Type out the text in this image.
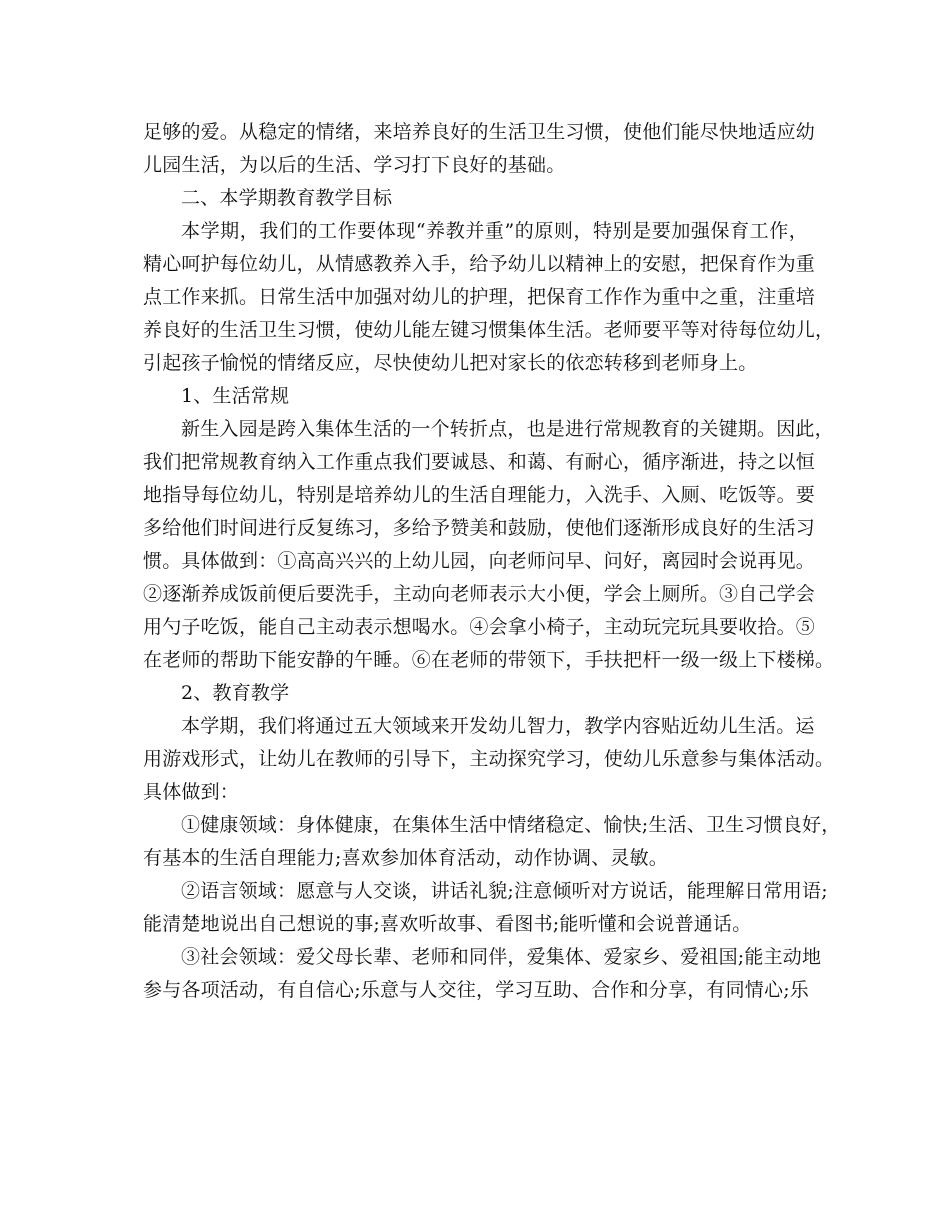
足够的爱。从稳定的情绪，来培养良好的生活卫生习惯，使他们能尽快地适应幼
儿园生活，为以后的生活、学习打下良好的基础。
二、本学期教育教学目标
本学期，我们的工作要体现“养教并重”的原则，特别是要加强保育工作，
精心呵护每位幼儿，从情感教养入手，给予幼儿以精神上的安慰，把保育作为重
点工作来抓。日常生活中加强对幼儿的护理，把保育工作作为重中之重，注重培
养良好的生活卫生习惯，使幼儿能左键习惯集体生活。老师要平等对待每位幼儿，
引起孩子愉悦的情绪反应，尽快使幼儿把对家长的依恋转移到老师身上。
1、生活常规
新生入园是跨入集体生活的一个转折点，也是进行常规教育的关键期。因此，
我们把常规教育纳入工作重点我们要诚恳、和蔼、有耐心，循序渐进，持之以恒
地指导每位幼儿，特别是培养幼儿的生活自理能力，入洗手、入厕、吃饭等。要
多给他们时间进行反复练习，多给予赞美和鼓励，使他们逐渐形成良好的生活习
惯。具体做到：①高高兴兴的上幼儿园，向老师问早、问好，离园时会说再见。
②逐渐养成饭前便后要洗手，主动向老师表示大小便，学会上厕所。③自己学会
用勺子吃饭，能自己主动表示想喝水。④会拿小椅子，主动玩完玩具要收拾。⑤
在老师的帮助下能安静的午睡。⑥在老师的带领下，手扶把杆一级一级上下楼梯。
2、教育教学
本学期，我们将通过五大领域来开发幼儿智力，教学内容贴近幼儿生活。运
用游戏形式，让幼儿在教师的引导下，主动探究学习，使幼儿乐意参与集体活动。
具体做到：
①健康领域：身体健康，在集体生活中情绪稳定、愉快;生活、卫生习惯良好，
有基本的生活自理能力;喜欢参加体育活动，动作协调、灵敏。
②语言领域：愿意与人交谈，讲话礼貌;注意倾听对方说话，能理解日常用语;
能清楚地说出自己想说的事;喜欢听故事、看图书;能听懂和会说普通话。
③社会领域：爱父母长辈、老师和同伴，爱集体、爱家乡、爱祖国;能主动地
参与各项活动，有自信心;乐意与人交往，学习互助、合作和分享，有同情心;乐
